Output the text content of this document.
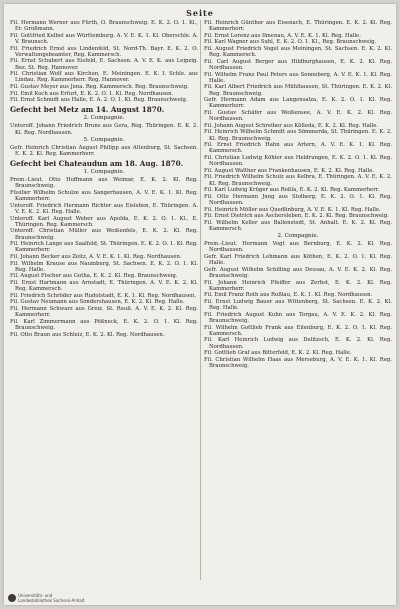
Seite
Fil. Hermann Werner aus Fürth, O. Braunschweig. E. K. 2. O. 1. Kl., Er. Großmann.
Fil. Gottfried Kelbel aus Württemburg. A. V. E. K. 1. Kl. Oberschle. A. V. Braunsch.
Fil. Friedrich Ernst aus Lindenfeld, St. Nord-Th. Bayr. E. K. 2. O. Verwaltungsbeamter, Reg. Kammersch.
Fil. Ernst Schubert aus Eisfeld, E. Sachsen. A. V. E. K. aus Leipzig. Bez. St. Reg. Hannover.
Fil. Christian Wolf aus Kirchen, E. Meiningen. E. K. I. Schle. aus Lindau. Reg. Kammerherr. Reg. Hannover.
Fil. Gustav Meyer aus Jena. Reg. Kammersch. Reg. Braunschweig.
Fil. Emil Koch aus Erfurt, E. K. 2. O. 1. Kl. Reg. Nordhausen.
Fil. Ernst Schmidt aus Halle, E. A. 2. O. 1. Kl. Reg. Braunschweig.
Gefecht bei Metz am 14. August 1870.
2. Compagnie.
Unteroff. Johann Friedrich Bruns aus Gera, Reg. Thüringen. E. K. 2. Kl. Reg. Nordhausen.
5. Compagnie.
Gefr. Heinrich Christian August Philipp aus Altenburg, St. Sachsen. E. K. 2. Kl. Reg. Kammerherr.
Gefecht bei Chateaudun am 18. Aug. 1870.
1. Compagnie.
Prem.-Lieut. Otto Hoffmann aus Weimar, E. K. 2. Kl. Reg. Braunschweig.
Füsilier Wilhelm Schulze aus Sangerhausen, A. V. E. K. 1. Kl. Reg. Kammerherr.
Unteroff. Friedrich Hermann Richter aus Eisleben, E. Thüringen. A. V. E. K. 2. Kl. Reg. Halle.
Unteroff. Karl August Weber aus Apolda, E. K. 2. O. 1. Kl., E. Thüringen. Reg. Kammersch.
Unteroff. Christian Müller aus Weißenfels, E. K. 2. Kl. Reg. Braunschweig.
Fil. Heinrich Lange aus Saalfeld, St. Thüringen. E. K. 2. O. 1. Kl. Reg. Kammerherr.
Fil. Johann Becker aus Zeitz, A. V. E. K. 1. Kl. Reg. Nordhausen.
Fil. Wilhelm Krause aus Naumburg, St. Sachsen. E. K. 2. O. 1. Kl. Reg. Halle.
Fil. August Fischer aus Gotha, E. K. 2. Kl. Reg. Braunschweig.
Fil. Ernst Hartmann aus Arnstadt, E. Thüringen. A. V. E. K. 2. Kl. Reg. Kammersch.
Fil. Friedrich Schröder aus Rudolstadt, E. K. 1. Kl. Reg. Nordhausen.
Fil. Gustav Neumann aus Sondershausen, E. K. 2. Kl. Reg. Halle.
Fil. Hermann Schwarz aus Greiz, St. Reuß. A. V. E. K. 2. Kl. Reg. Kammerherr.
Fil. Karl Zimmermann aus Pößneck, E. K. 2. O. 1. Kl. Reg. Braunschweig.
Fil. Otto Braun aus Schleiz, E. K. 2. Kl. Reg. Nordhausen.
Fil. Heinrich Günther aus Eisenach, E. Thüringen. E. K. 2. Kl. Reg. Kammerherr.
Fil. Ernst Lorenz aus Ilmenau, A. V. E. K. 1. Kl. Reg. Halle.
Fil. Karl Wagner aus Suhl, E. K. 2. O. 1. Kl., Reg. Braunschweig.
Fil. August Friedrich Vogel aus Meiningen, St. Sachsen. E. K. 2. Kl. Reg. Kammersch.
Fil. Carl August Berger aus Hildburghausen, E. K. 2. Kl. Reg. Nordhausen.
Fil. Wilhelm Franz Paul Peters aus Sonneberg, A. V. E. K. 1. Kl. Reg. Halle.
Fil. Karl Albert Friedrich aus Mühlhausen, St. Thüringen. E. K. 2. Kl. Reg. Braunschweig.
Gefr. Hermann Adam aus Langensalza, E. K. 2. O. 1. Kl. Reg. Kammerherr.
Fil. Gustav Schäfer aus Weißensee, A. V. E. K. 2. Kl. Reg. Nordhausen.
Fil. Johann August Schreiber aus Kölleda, E. K. 2. Kl. Reg. Halle.
Fil. Heinrich Wilhelm Schmitt aus Sömmerda, St. Thüringen. E. K. 2. Kl. Reg. Braunschweig.
Fil. Ernst Friedrich Hahn aus Artern, A. V. E. K. 1. Kl. Reg. Kammersch.
Fil. Christian Ludwig Köhler aus Heldrungen, E. K. 2. O. 1. Kl. Reg. Nordhausen.
Fil. August Walther aus Frankenhausen, E. K. 2. Kl. Reg. Halle.
Fil. Friedrich Wilhelm Schulz aus Kelbra, E. Thüringen. A. V. E. K. 2. Kl. Reg. Braunschweig.
Fil. Karl Ludwig Krüger aus Roßla, E. K. 2. Kl. Reg. Kammerherr.
Fil. Otto Hermann Jung aus Stolberg, E. K. 2. O. 1. Kl. Reg. Nordhausen.
Fil. Heinrich Möller aus Quedlinburg, A. V. E. K. 1. Kl. Reg. Halle.
Fil. Ernst Dietrich aus Aschersleben, E. K. 2. Kl. Reg. Braunschweig.
Fil. Wilhelm Keller aus Ballenstedt, St. Anhalt. E. K. 2. Kl. Reg. Kammersch.
2. Compagnie.
Prem.-Lieut. Hermann Vogt aus Bernburg, E. K. 2. Kl. Reg. Nordhausen.
Gefr. Karl Friedrich Lehmann aus Köthen, E. K. 2. O. 1. Kl. Reg. Halle.
Gefr. August Wilhelm Schilling aus Dessau, A. V. E. K. 2. Kl. Reg. Braunschweig.
Fil. Johann Heinrich Pfeiffer aus Zerbst, E. K. 2. Kl. Reg. Kammerherr.
Fil. Emil Franz Roth aus Roßlau, E. K. 1. Kl. Reg. Nordhausen.
Fil. Ernst Ludwig Bauer aus Wittenberg, St. Sachsen. E. K. 2. Kl. Reg. Halle.
Fil. Friedrich August Kuhn aus Torgau, A. V. E. K. 2. Kl. Reg. Braunschweig.
Fil. Wilhelm Gottlieb Frank aus Eilenburg, E. K. 2. O. 1. Kl. Reg. Kammersch.
Fil. Karl Heinrich Ludwig aus Delitzsch, E. K. 2. Kl. Reg. Nordhausen.
Fil. Gottlieb Graf aus Bitterfeld, E. K. 2. Kl. Reg. Halle.
Fil. Christian Wilhelm Haas aus Merseburg, A. V. E. K. 1. Kl. Reg. Braunschweig.
Universitäts- und
Landesbibliothek Sachsen-Anhalt
